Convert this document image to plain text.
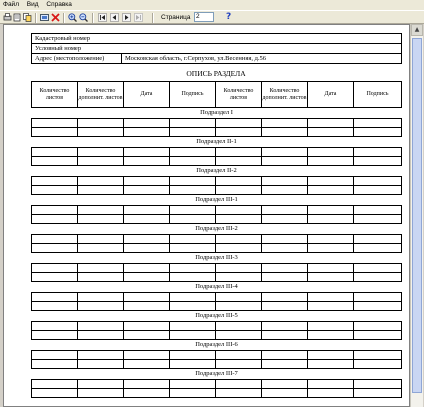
Файл Вид Справка
Страница 2	?
Кадастровый номер
Условный номер
Адрес (местоположение)	Московская область, г.Серпухов, ул.Весенняя, д.56
ОПИСЬ РАЗДЕЛА
Количество листов	Количество дополнит. листов	Дата	Подпись	Количество листов	Количество дополнит. листов	Дата	Подпись
Подраздел I							

Подраздел II-1							

Подраздел II-2							

Подраздел III-1							

Подраздел III-2							

Подраздел III-3							

Подраздел III-4							

Подраздел III-5							

Подраздел III-6							

Подраздел III-7							

▲
